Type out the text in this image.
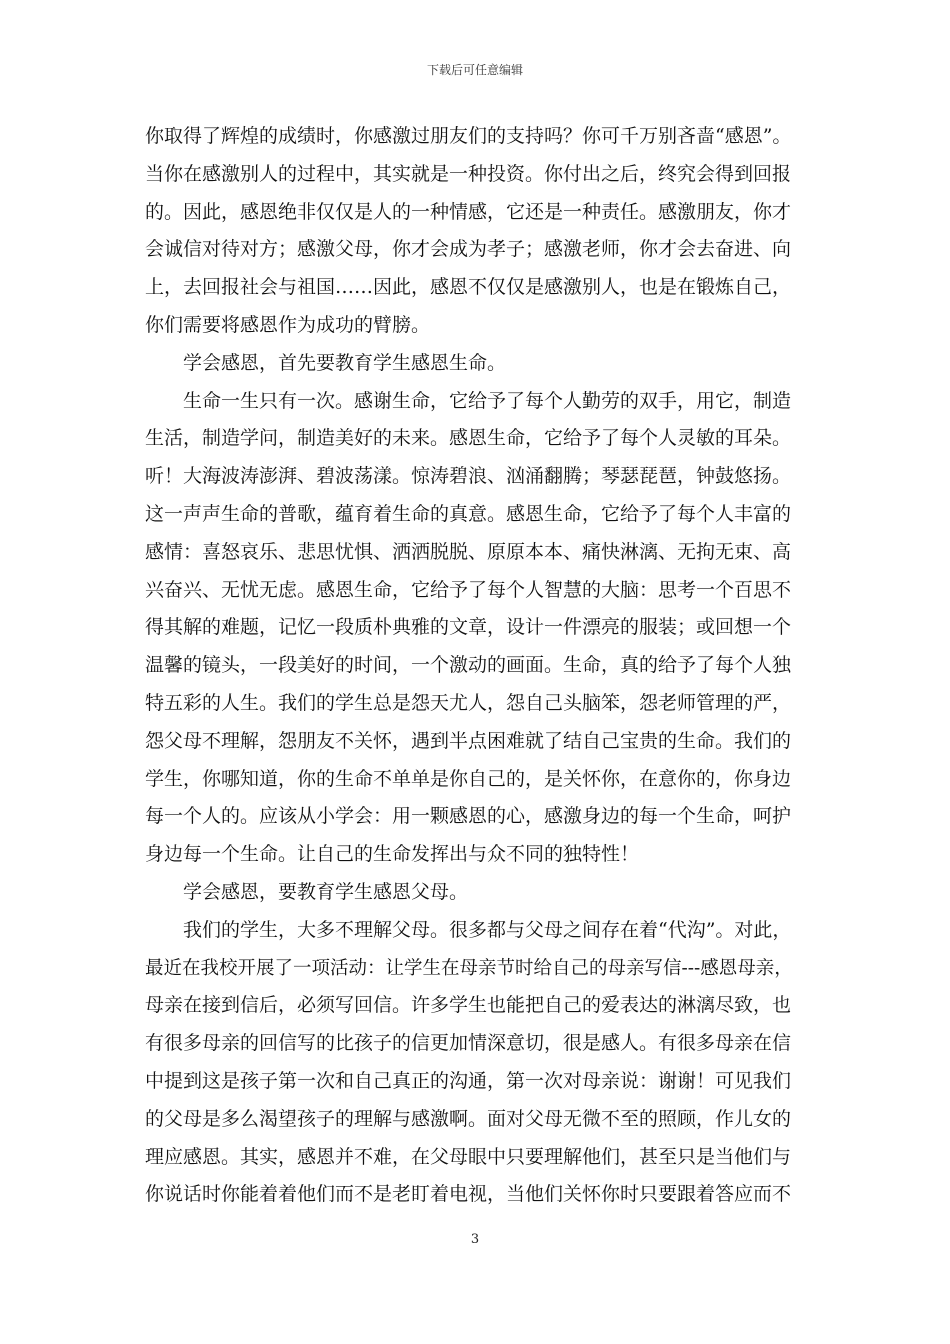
下载后可任意编辑
你取得了辉煌的成绩时，你感激过朋友们的支持吗？你可千万别吝啬“感恩”。
当你在感激别人的过程中，其实就是一种投资。你付出之后，终究会得到回报
的。因此，感恩绝非仅仅是人的一种情感，它还是一种责任。感激朋友，你才
会诚信对待对方；感激父母，你才会成为孝子；感激老师，你才会去奋进、向
上，去回报社会与祖国……因此，感恩不仅仅是感激别人，也是在锻炼自己，
你们需要将感恩作为成功的臂膀。
学会感恩，首先要教育学生感恩生命。
生命一生只有一次。感谢生命，它给予了每个人勤劳的双手，用它，制造
生活，制造学问，制造美好的未来。感恩生命，它给予了每个人灵敏的耳朵。
听！大海波涛澎湃、碧波荡漾。惊涛碧浪、汹涌翻腾；琴瑟琵琶，钟鼓悠扬。
这一声声生命的普歌，蕴育着生命的真意。感恩生命，它给予了每个人丰富的
感情：喜怒哀乐、悲思忧惧、洒洒脱脱、原原本本、痛快淋漓、无拘无束、高
兴奋兴、无忧无虑。感恩生命，它给予了每个人智慧的大脑：思考一个百思不
得其解的难题，记忆一段质朴典雅的文章，设计一件漂亮的服装；或回想一个
温馨的镜头，一段美好的时间，一个激动的画面。生命，真的给予了每个人独
特五彩的人生。我们的学生总是怨天尤人，怨自己头脑笨，怨老师管理的严，
怨父母不理解，怨朋友不关怀，遇到半点困难就了结自己宝贵的生命。我们的
学生，你哪知道，你的生命不单单是你自己的，是关怀你，在意你的，你身边
每一个人的。应该从小学会：用一颗感恩的心，感激身边的每一个生命，呵护
身边每一个生命。让自己的生命发挥出与众不同的独特性！
学会感恩，要教育学生感恩父母。
我们的学生，大多不理解父母。很多都与父母之间存在着“代沟”。对此，
最近在我校开展了一项活动：让学生在母亲节时给自己的母亲写信---感恩母亲，
母亲在接到信后，必须写回信。许多学生也能把自己的爱表达的淋漓尽致，也
有很多母亲的回信写的比孩子的信更加情深意切，很是感人。有很多母亲在信
中提到这是孩子第一次和自己真正的沟通，第一次对母亲说：谢谢！可见我们
的父母是多么渴望孩子的理解与感激啊。面对父母无微不至的照顾，作儿女的
理应感恩。其实，感恩并不难，在父母眼中只要理解他们，甚至只是当他们与
你说话时你能着着他们而不是老盯着电视，当他们关怀你时只要跟着答应而不
3
